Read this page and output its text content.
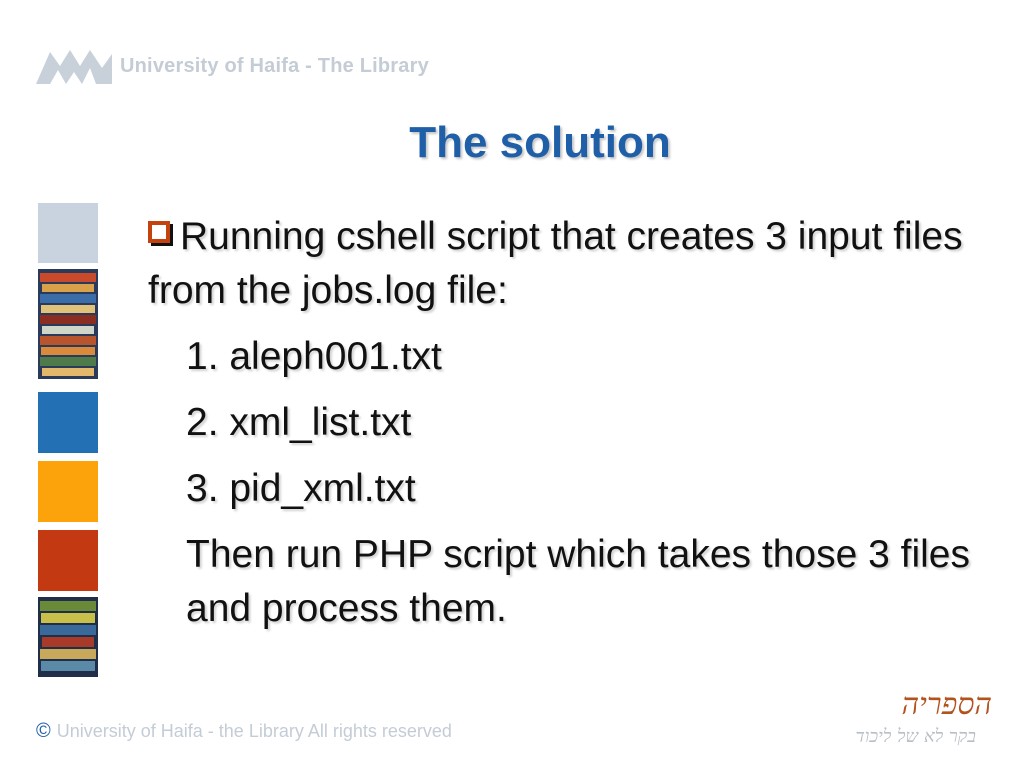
University of Haifa - The Library
The solution
Running cshell script that creates 3 input files from the jobs.log file:
1. aleph001.txt
2. xml_list.txt
3. pid_xml.txt
Then run PHP script which takes those 3 files and process them.
© University of Haifa - the Library All rights reserved
הספריה
בקר לא של ליכוד
